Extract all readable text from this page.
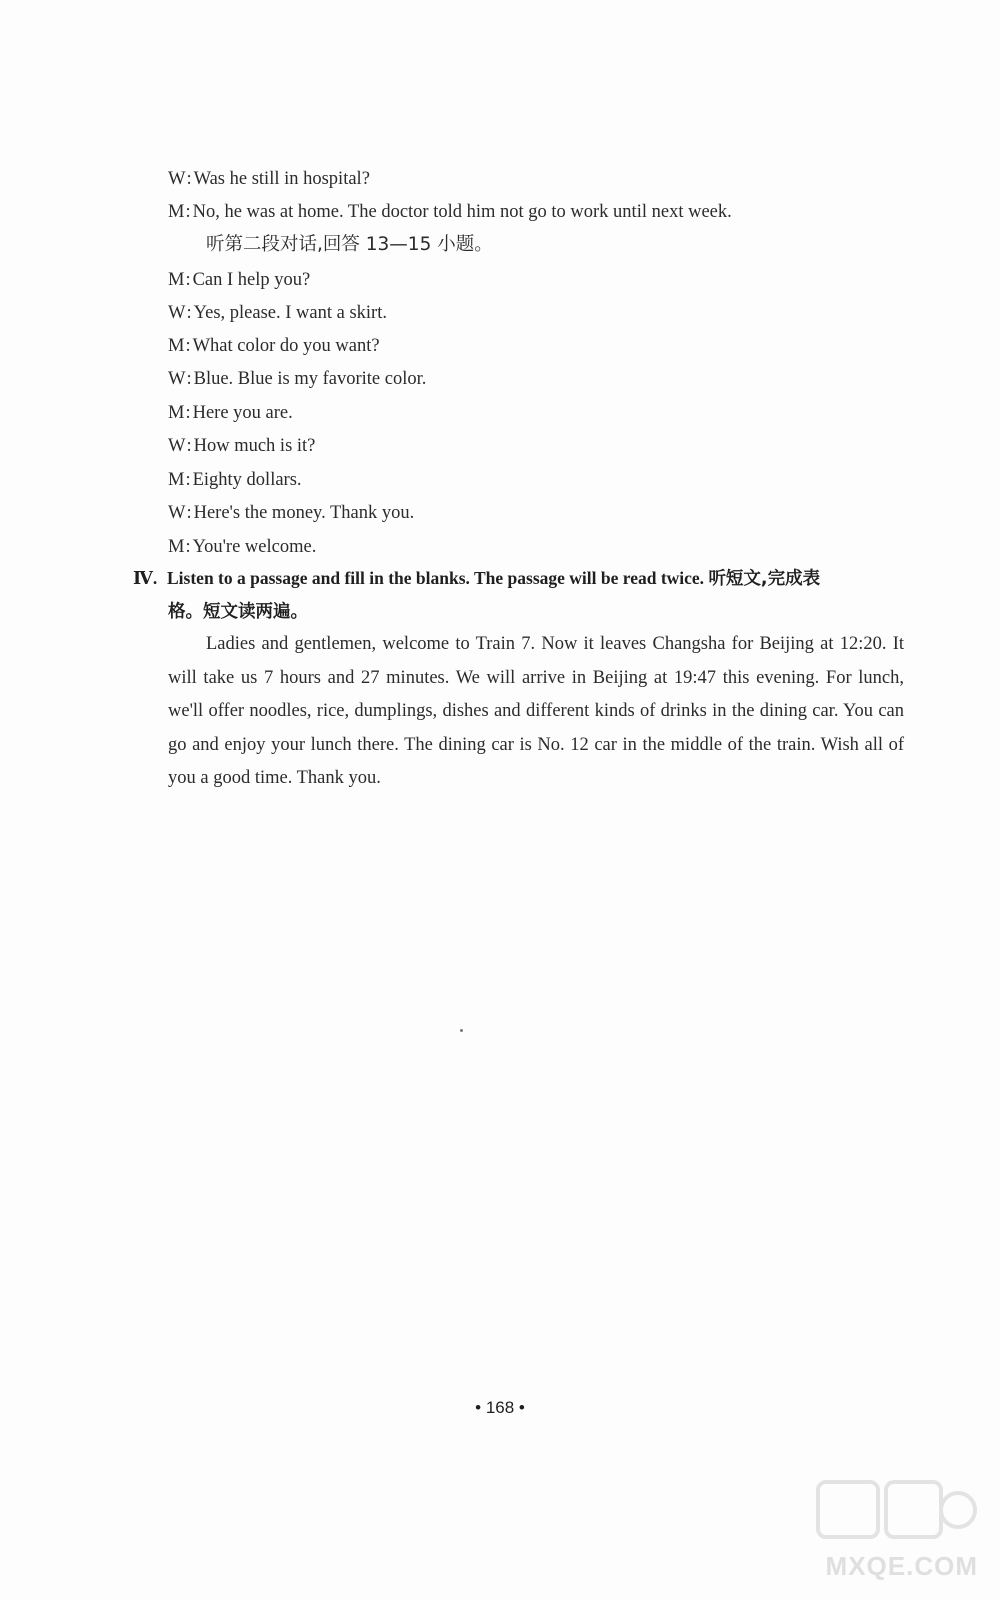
W: Was he still in hospital?
M: No, he was at home. The doctor told him not go to work until next week.
听第二段对话,回答 13—15 小题。
M: Can I help you?
W: Yes, please. I want a skirt.
M: What color do you want?
W: Blue. Blue is my favorite color.
M: Here you are.
W: How much is it?
M: Eighty dollars.
W: Here's the money. Thank you.
M: You're welcome.
Ⅳ. Listen to a passage and fill in the blanks. The passage will be read twice. 听短文,完成表
格。短文读两遍。
Ladies and gentlemen, welcome to Train 7. Now it leaves Changsha for Beijing at 12:20. It will take us 7 hours and 27 minutes. We will arrive in Beijing at 19:47 this evening. For lunch, we'll offer noodles, rice, dumplings, dishes and different kinds of drinks in the dining car. You can go and enjoy your lunch there. The dining car is No. 12 car in the middle of the train. Wish all of you a good time. Thank you.
• 168 •
MXQE.COM
